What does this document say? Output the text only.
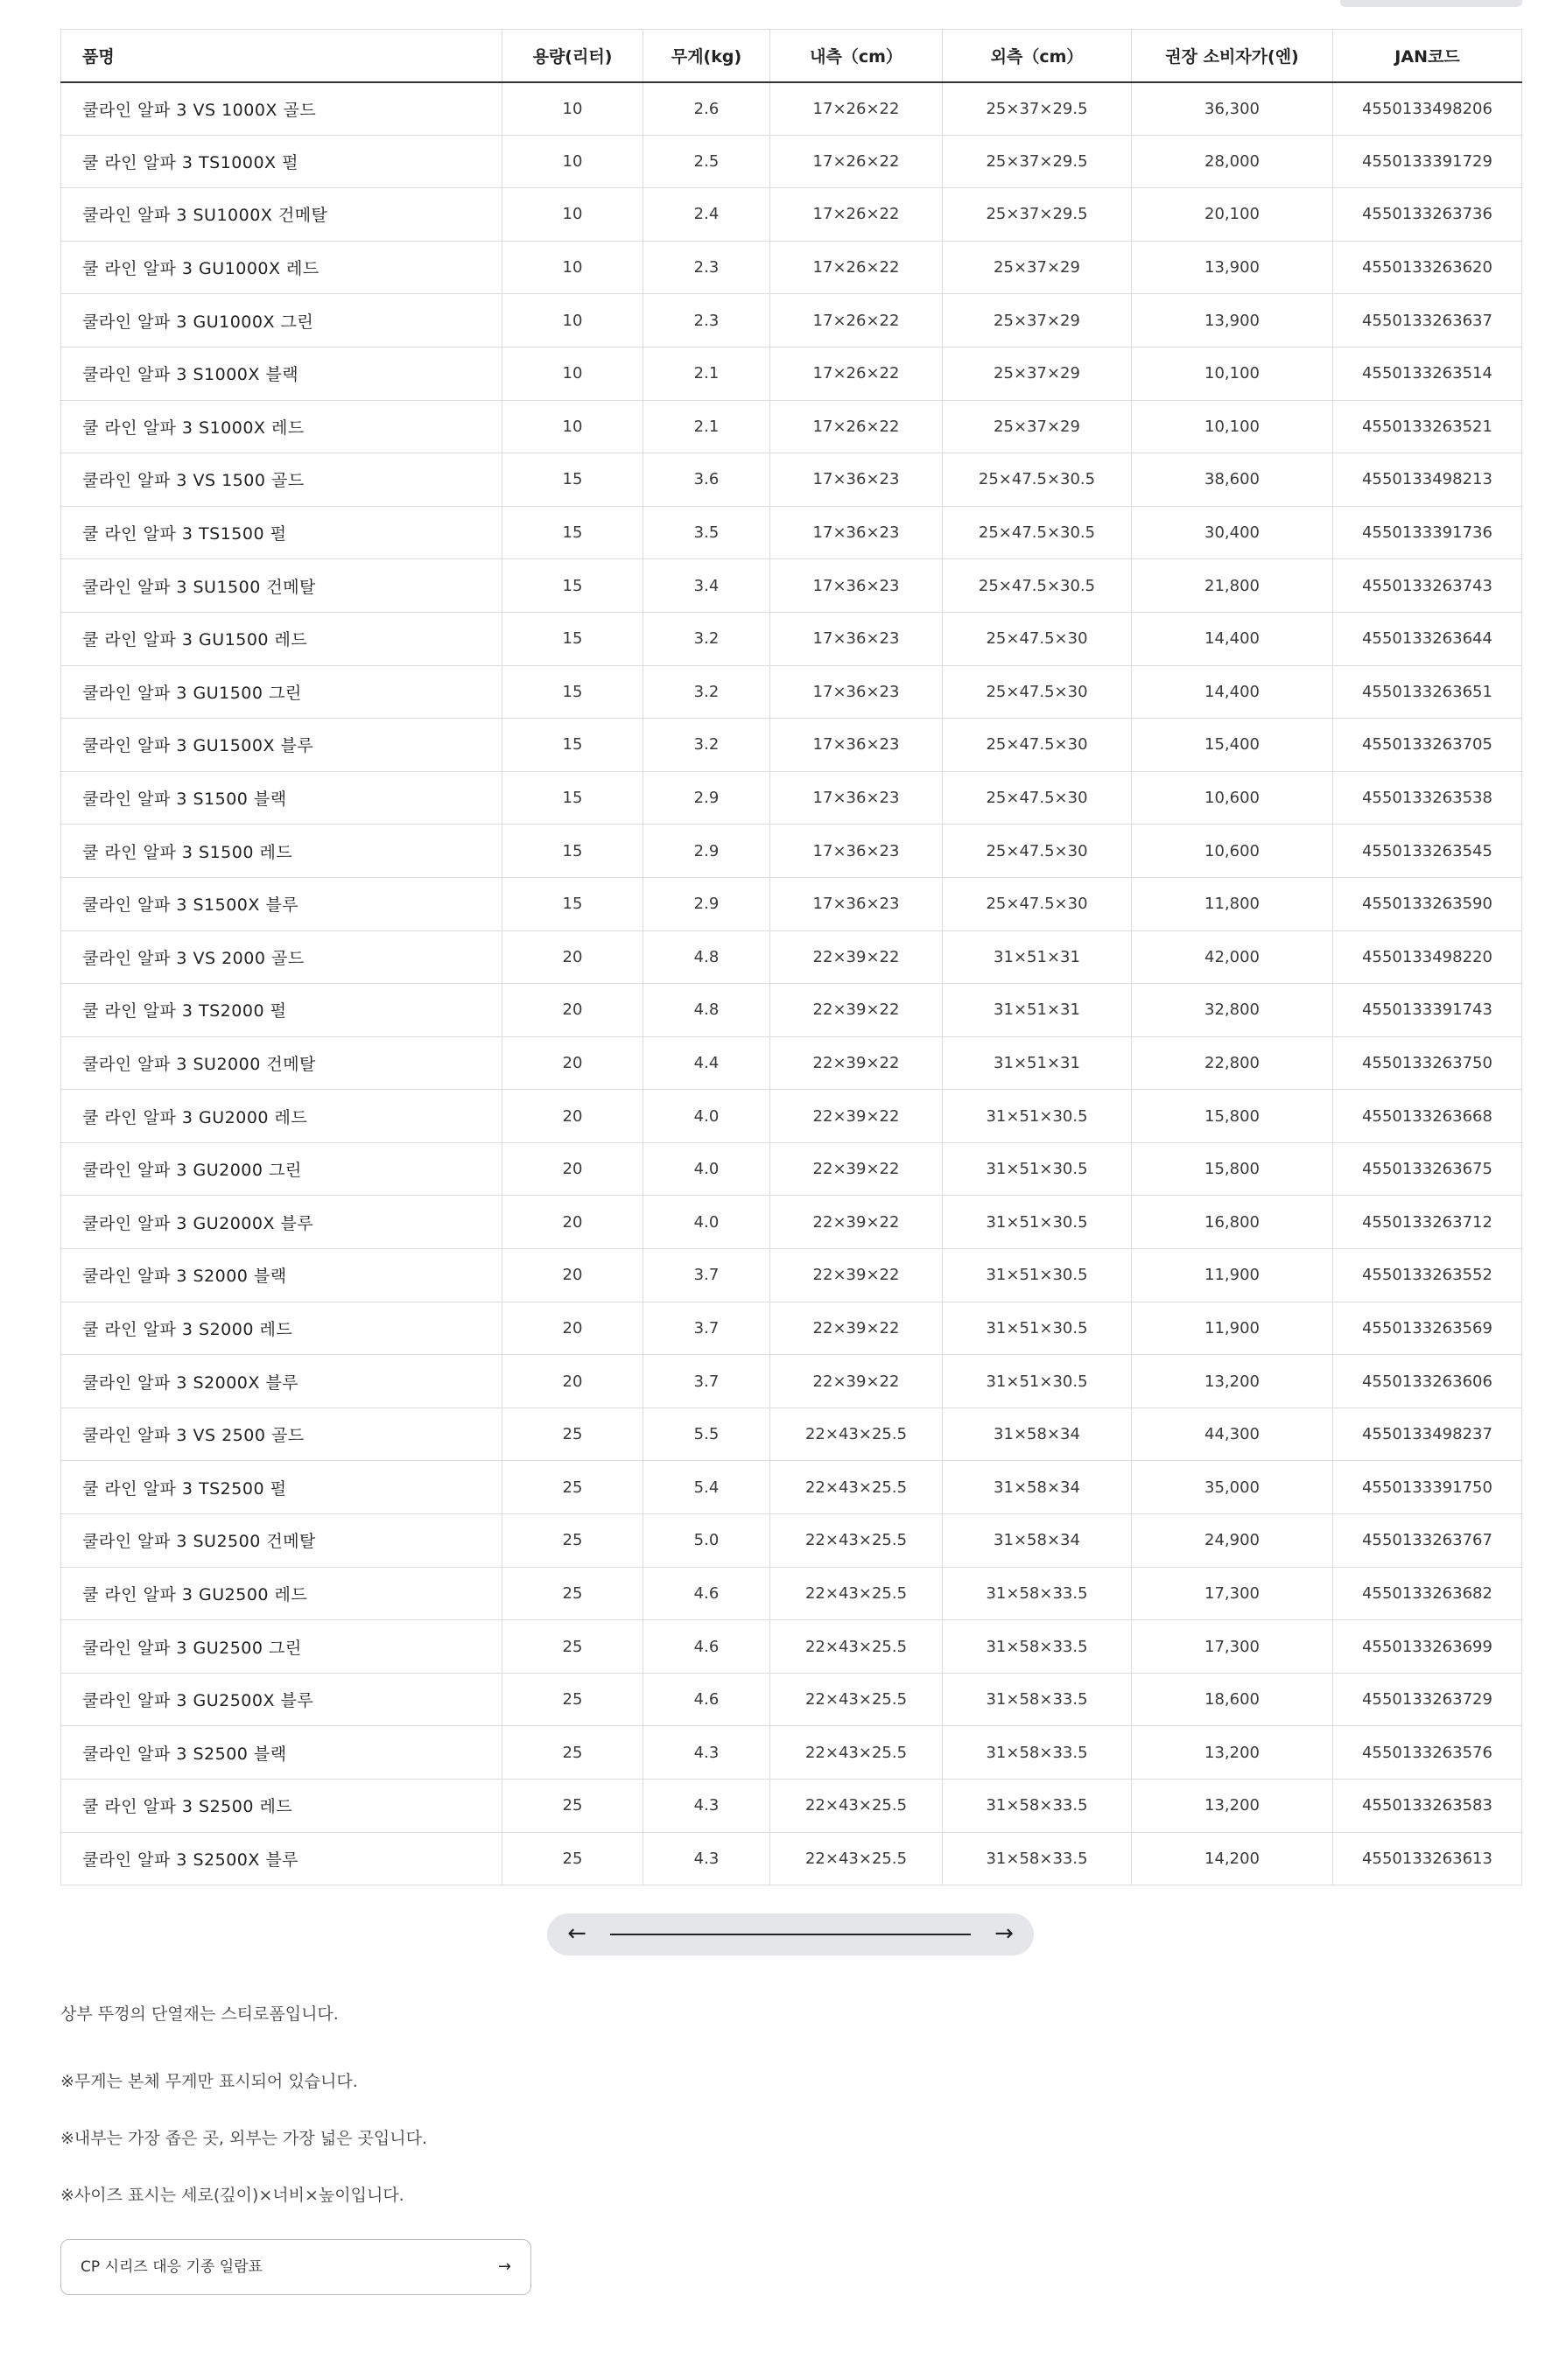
품명	용량(리터)	무게(kg)	내측（cm）	외측（cm）	권장 소비자가(엔)	JAN코드
쿨라인 알파 3 VS 1000X 골드	10	2.6	17×26×22	25×37×29.5	36,300	4550133498206
쿨 라인 알파 3 TS1000X 펄	10	2.5	17×26×22	25×37×29.5	28,000	4550133391729
쿨라인 알파 3 SU1000X 건메탈	10	2.4	17×26×22	25×37×29.5	20,100	4550133263736
쿨 라인 알파 3 GU1000X 레드	10	2.3	17×26×22	25×37×29	13,900	4550133263620
쿨라인 알파 3 GU1000X 그린	10	2.3	17×26×22	25×37×29	13,900	4550133263637
쿨라인 알파 3 S1000X 블랙	10	2.1	17×26×22	25×37×29	10,100	4550133263514
쿨 라인 알파 3 S1000X 레드	10	2.1	17×26×22	25×37×29	10,100	4550133263521
쿨라인 알파 3 VS 1500 골드	15	3.6	17×36×23	25×47.5×30.5	38,600	4550133498213
쿨 라인 알파 3 TS1500 펄	15	3.5	17×36×23	25×47.5×30.5	30,400	4550133391736
쿨라인 알파 3 SU1500 건메탈	15	3.4	17×36×23	25×47.5×30.5	21,800	4550133263743
쿨 라인 알파 3 GU1500 레드	15	3.2	17×36×23	25×47.5×30	14,400	4550133263644
쿨라인 알파 3 GU1500 그린	15	3.2	17×36×23	25×47.5×30	14,400	4550133263651
쿨라인 알파 3 GU1500X 블루	15	3.2	17×36×23	25×47.5×30	15,400	4550133263705
쿨라인 알파 3 S1500 블랙	15	2.9	17×36×23	25×47.5×30	10,600	4550133263538
쿨 라인 알파 3 S1500 레드	15	2.9	17×36×23	25×47.5×30	10,600	4550133263545
쿨라인 알파 3 S1500X 블루	15	2.9	17×36×23	25×47.5×30	11,800	4550133263590
쿨라인 알파 3 VS 2000 골드	20	4.8	22×39×22	31×51×31	42,000	4550133498220
쿨 라인 알파 3 TS2000 펄	20	4.8	22×39×22	31×51×31	32,800	4550133391743
쿨라인 알파 3 SU2000 건메탈	20	4.4	22×39×22	31×51×31	22,800	4550133263750
쿨 라인 알파 3 GU2000 레드	20	4.0	22×39×22	31×51×30.5	15,800	4550133263668
쿨라인 알파 3 GU2000 그린	20	4.0	22×39×22	31×51×30.5	15,800	4550133263675
쿨라인 알파 3 GU2000X 블루	20	4.0	22×39×22	31×51×30.5	16,800	4550133263712
쿨라인 알파 3 S2000 블랙	20	3.7	22×39×22	31×51×30.5	11,900	4550133263552
쿨 라인 알파 3 S2000 레드	20	3.7	22×39×22	31×51×30.5	11,900	4550133263569
쿨라인 알파 3 S2000X 블루	20	3.7	22×39×22	31×51×30.5	13,200	4550133263606
쿨라인 알파 3 VS 2500 골드	25	5.5	22×43×25.5	31×58×34	44,300	4550133498237
쿨 라인 알파 3 TS2500 펄	25	5.4	22×43×25.5	31×58×34	35,000	4550133391750
쿨라인 알파 3 SU2500 건메탈	25	5.0	22×43×25.5	31×58×34	24,900	4550133263767
쿨 라인 알파 3 GU2500 레드	25	4.6	22×43×25.5	31×58×33.5	17,300	4550133263682
쿨라인 알파 3 GU2500 그린	25	4.6	22×43×25.5	31×58×33.5	17,300	4550133263699
쿨라인 알파 3 GU2500X 블루	25	4.6	22×43×25.5	31×58×33.5	18,600	4550133263729
쿨라인 알파 3 S2500 블랙	25	4.3	22×43×25.5	31×58×33.5	13,200	4550133263576
쿨 라인 알파 3 S2500 레드	25	4.3	22×43×25.5	31×58×33.5	13,200	4550133263583
쿨라인 알파 3 S2500X 블루	25	4.3	22×43×25.5	31×58×33.5	14,200	4550133263613
←	→

상부 뚜껑의 단열재는 스티로폼입니다.

※무게는 본체 무게만 표시되어 있습니다.

※내부는 가장 좁은 곳, 외부는 가장 넓은 곳입니다.

※사이즈 표시는 세로(깊이)×너비×높이입니다.

CP 시리즈 대응 기종 일람표	→
